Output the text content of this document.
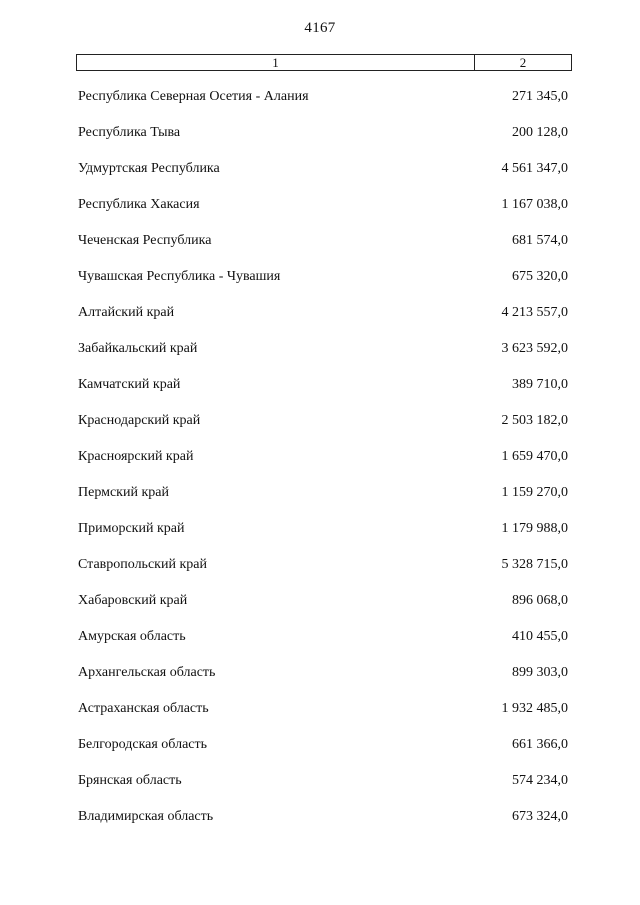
4167
1	2
Республика Северная Осетия - Алания	271 345,0
Республика Тыва	200 128,0
Удмуртская Республика	4 561 347,0
Республика Хакасия	1 167 038,0
Чеченская Республика	681 574,0
Чувашская Республика - Чувашия	675 320,0
Алтайский край	4 213 557,0
Забайкальский край	3 623 592,0
Камчатский край	389 710,0
Краснодарский край	2 503 182,0
Красноярский край	1 659 470,0
Пермский край	1 159 270,0
Приморский край	1 179 988,0
Ставропольский край	5 328 715,0
Хабаровский край	896 068,0
Амурская область	410 455,0
Архангельская область	899 303,0
Астраханская область	1 932 485,0
Белгородская область	661 366,0
Брянская область	574 234,0
Владимирская область	673 324,0
